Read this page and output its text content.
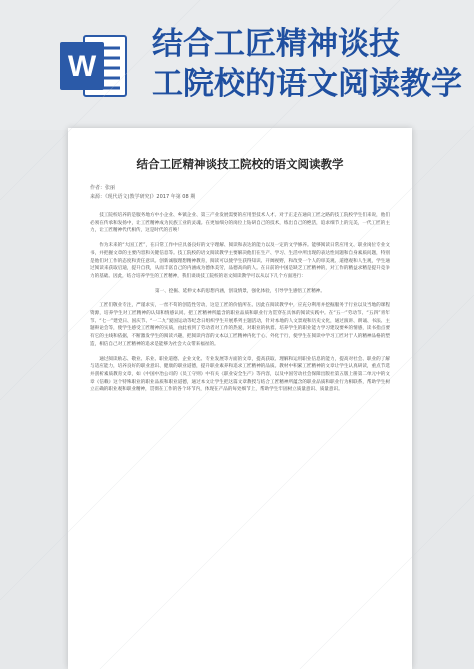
W
结合工匠精神谈技
工院校的语文阅读教学
结合工匠精神谈技工院校的语文阅读教学
作者：张丽
来源：《现代语文(教学研究)》2017 年第 08 期

技工院校培养的是服务地方中小企业、乡镇企业、第三产业发展需要的应用型技术人才。对于正走在通向工匠之路的技工院校学生们来说，他们必须在传承和发扬中，让工匠精神成为民族工业的灵魂。在更加细分的岗位上钻研自己的技术，练出自己的绝活，追求细节上的完美，一代工匠的主力，让工匠精神代代相传，这是时代的召唤！

作为未来的“大国工匠”，在日常工作中应具备良好的文字理解、阅读和表达的能力以及一定的文学修养。能够阅读日常应用文、职业岗位专业文书，并把握文章的主要内容和关键信息等。技工院校的语文阅读教学主要解决他们在生产、学习、生活中所出现的表达性问题和自身素质问题，特别是他们对工作的态度和责任意识。创新诚服理想精神教育，阅读可以使学生获得知识、开阔视野，和改变一个人的审美观、道德观和人生观，学生通过阅读来获取启迪，提升自我，从而丰富自己的内涵成为德体美劳，品德高尚的人。在日前的中国是缺乏工匠精神的，对工作的精益求精是提升竞争力的基础。因此，结合培养学生的工匠精神，我们谈谈技工院校的语文阅读教学可以从以下几个方面进行：

第一、挖掘、延伸文本的思想内涵，创设情景，强化体验，引导学生感悟工匠精神。

工匠们敬业专注，严谨求实，一丝不苟的创造性劳动，这是工匠的价值所在。因此在阅读教学中，应充分利用并挖掘服务于行业以及当地的课程资源，培养学生对工匠精神的认知和情感认同。把工匠精神所蕴含的职业品质和职业行为贯穿在具体的阅读实践中。在“五一”劳动节、“五四”青年节、“七一”建党日、国庆节、“一二九”爱国运动等纪念日组织学生开展系列主题活动，针对本地的人文景观和历史文化，通过演讲、朗诵、书法、主题辩论会等，使学生感受工匠精神的实质，由此看到了劳动者对工作的热爱，对职业的执着。培养学生的职业能力学习建设要乡的情感，读书指点要有它的主线和依据，不断激发学生的阅读兴趣，把阅读内容的文本以工匠精神内化于心、外化于行，使学生在阅读中学习工匠对于人的精神品格的塑造，相信自己对工匠精神的追求是能够为社会大众带来福祉的。

通过阅读励志、敬业、乐业、职业道德、企业文化、专业发展等方面的文章，提高获取、理解和运用职业信息的能力，提高对社会、职业的了解与适应能力，培养良好的职业意识、健康的职业道德，提升职业素养和追求工匠精神的品质。教材中积累工匠精神的文章让学生认真研读，重点节选并剖析素质教育文章，如《中国中冶公司的《员工守则》中有关《职业安全生产》等内容，以及中国劳动社会保障出版社第五版上册第二单元中的文章《信赖》这个特殊职业的职业品质和职业道德，通过本文让学生把这篇文章教授与结合工匠精神所蕴含的职业品质和职业行为相联系，帮助学生树立正确的职业观和职业精神，贯彻在工作的各个环节内，体现在产品的每处细节上，帮助学生牢固树立质量意识、质量意识。
